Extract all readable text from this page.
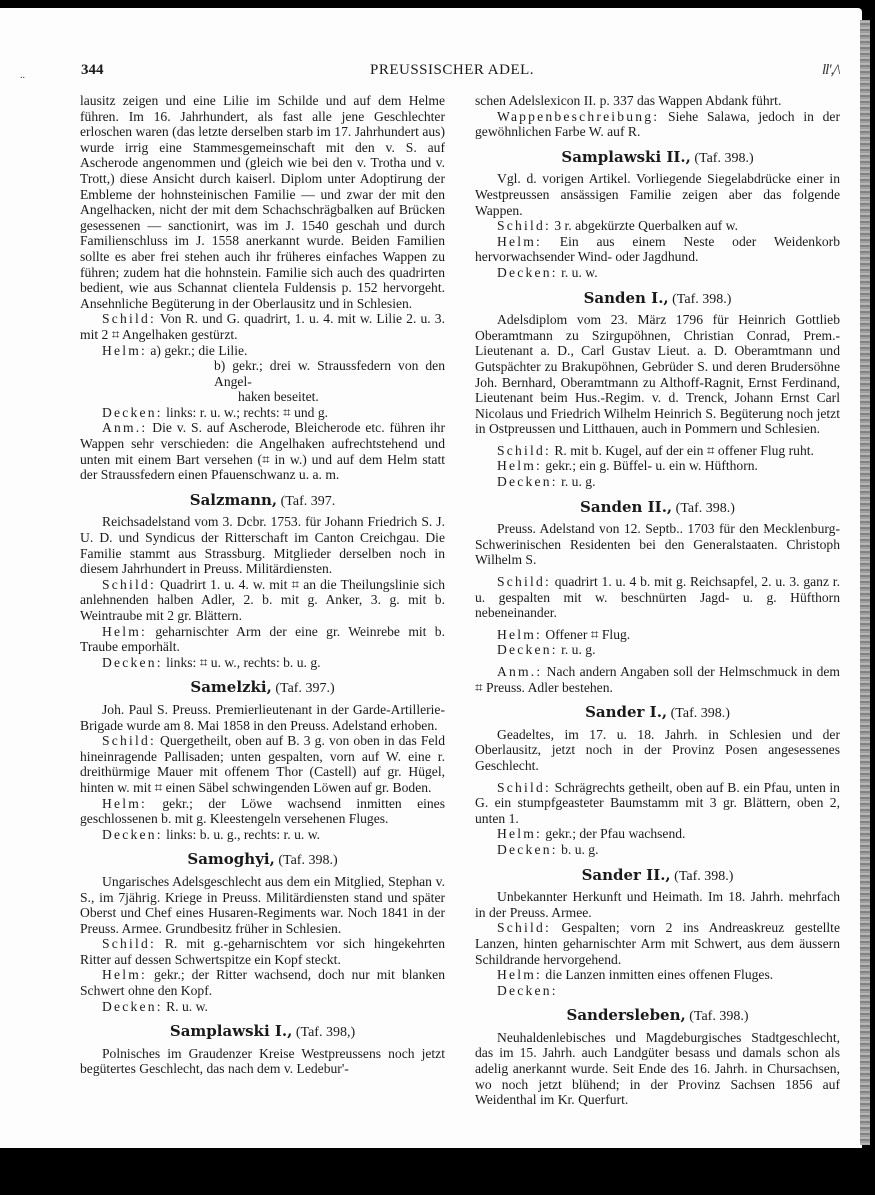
..	ll',/\
344	PREUSSISCHER ADEL.

lausitz zeigen und eine Lilie im Schilde und auf dem Helme führen. Im 16. Jahrhundert, als fast alle jene Geschlechter erloschen waren (das letzte derselben starb im 17. Jahrhundert aus) wurde irrig eine Stammesgemeinschaft mit den v. S. auf Ascherode angenommen und (gleich wie bei den v. Trotha und v. Trott,) diese Ansicht durch kaiserl. Diplom unter Adoptirung der Embleme der hohnsteinischen Familie — und zwar der mit den Angelhacken, nicht der mit dem Schachschrägbalken auf Brücken gesessenen — sanctionirt, was im J. 1540 geschah und durch Familienschluss im J. 1558 anerkannt wurde. Beiden Familien sollte es aber frei stehen auch ihr früheres einfaches Wappen zu führen; zudem hat die hohnstein. Familie sich auch des quadrirten bedient, wie aus Schannat clientela Fuldensis p. 152 hervorgeht. Ansehnliche Begüterung in der Oberlausitz und in Schlesien.

Schild: Von R. und G. quadrirt, 1. u. 4. mit w. Lilie 2. u. 3. mit 2 ⌗ Angelhaken gestürzt.

Helm: a) gekr.; die Lilie.

b) gekr.; drei w. Straussfedern von den Angel-

haken beseitet.

Decken: links: r. u. w.; rechts: ⌗ und g.

Anm.: Die v. S. auf Ascherode, Bleicherode etc. führen ihr Wappen sehr verschieden: die Angelhaken aufrechtstehend und unten mit einem Bart versehen (⌗ in w.) und auf dem Helm statt der Straussfedern einen Pfauenschwanz u. a. m.

Salzmann, (Taf. 397.

Reichsadelstand vom 3. Dcbr. 1753. für Johann Friedrich S. J. U. D. und Syndicus der Ritterschaft im Canton Creichgau. Die Familie stammt aus Strassburg. Mitglieder derselben noch in diesem Jahrhundert in Preuss. Militärdiensten.

Schild: Quadrirt 1. u. 4. w. mit ⌗ an die Theilungslinie sich anlehnenden halben Adler, 2. b. mit g. Anker, 3. g. mit b. Weintraube mit 2 gr. Blättern.

Helm: geharnischter Arm der eine gr. Weinrebe mit b. Traube emporhält.

Decken: links: ⌗ u. w., rechts: b. u. g.

Samelzki, (Taf. 397.)

Joh. Paul S. Preuss. Premierlieutenant in der Garde-Artillerie-Brigade wurde am 8. Mai 1858 in den Preuss. Adelstand erhoben.

Schild: Quergetheilt, oben auf B. 3 g. von oben in das Feld hineinragende Pallisaden; unten gespalten, vorn auf W. eine r. dreithürmige Mauer mit offenem Thor (Castell) auf gr. Hügel, hinten w. mit ⌗ einen Säbel schwingenden Löwen auf gr. Boden.

Helm: gekr.; der Löwe wachsend inmitten eines geschlossenen b. mit g. Kleestengeln versehenen Fluges.

Decken: links: b. u. g., rechts: r. u. w.

Samoghyi, (Taf. 398.)

Ungarisches Adelsgeschlecht aus dem ein Mitglied, Stephan v. S., im 7jährig. Kriege in Preuss. Militärdiensten stand und später Oberst und Chef eines Husaren-Regiments war. Noch 1841 in der Preuss. Armee. Grundbesitz früher in Schlesien.

Schild: R. mit g.-geharnischtem vor sich hingekehrten Ritter auf dessen Schwertspitze ein Kopf steckt.

Helm: gekr.; der Ritter wachsend, doch nur mit blanken Schwert ohne den Kopf.

Decken: R. u. w.

Samplawski I., (Taf. 398,)

Polnisches im Graudenzer Kreise Westpreussens noch jetzt begütertes Geschlecht, das nach dem v. Ledebur'-

schen Adelslexicon II. p. 337 das Wappen Abdank führt.

Wappenbeschreibung: Siehe Salawa, jedoch in der gewöhnlichen Farbe W. auf R.

Samplawski II., (Taf. 398.)

Vgl. d. vorigen Artikel. Vorliegende Siegelabdrücke einer in Westpreussen ansässigen Familie zeigen aber das folgende Wappen.

Schild: 3 r. abgekürzte Querbalken auf w.

Helm: Ein aus einem Neste oder Weidenkorb hervorwachsender Wind- oder Jagdhund.

Decken: r. u. w.

Sanden I., (Taf. 398.)

Adelsdiplom vom 23. März 1796 für Heinrich Gottlieb Oberamtmann zu Szirgupöhnen, Christian Conrad, Prem.-Lieutenant a. D., Carl Gustav Lieut. a. D. Oberamtmann und Gutspächter zu Brakupöhnen, Gebrüder S. und deren Brudersöhne Joh. Bernhard, Oberamtmann zu Althoff-Ragnit, Ernst Ferdinand, Lieutenant beim Hus.-Regim. v. d. Trenck, Johann Ernst Carl Nicolaus und Friedrich Wilhelm Heinrich S. Begüterung noch jetzt in Ostpreussen und Litthauen, auch in Pommern und Schlesien.

Schild: R. mit b. Kugel, auf der ein ⌗ offener Flug ruht.

Helm: gekr.; ein g. Büffel- u. ein w. Hüfthorn.

Decken: r. u. g.

Sanden II., (Taf. 398.)

Preuss. Adelstand von 12. Septb.. 1703 für den Mecklenburg-Schwerinischen Residenten bei den Generalstaaten. Christoph Wilhelm S.

Schild: quadrirt 1. u. 4 b. mit g. Reichsapfel, 2. u. 3. ganz r. u. gespalten mit w. beschnürten Jagd- u. g. Hüfthorn nebeneinander.

Helm: Offener ⌗ Flug.

Decken: r. u. g.

Anm.: Nach andern Angaben soll der Helmschmuck in dem ⌗ Preuss. Adler bestehen.

Sander I., (Taf. 398.)

Geadeltes, im 17. u. 18. Jahrh. in Schlesien und der Oberlausitz, jetzt noch in der Provinz Posen angesessenes Geschlecht.

Schild: Schrägrechts getheilt, oben auf B. ein Pfau, unten in G. ein stumpfgeasteter Baumstamm mit 3 gr. Blättern, oben 2, unten 1.

Helm: gekr.; der Pfau wachsend.

Decken: b. u. g.

Sander II., (Taf. 398.)

Unbekannter Herkunft und Heimath. Im 18. Jahrh. mehrfach in der Preuss. Armee.

Schild: Gespalten; vorn 2 ins Andreaskreuz gestellte Lanzen, hinten geharnischter Arm mit Schwert, aus dem äussern Schildrande hervorgehend.

Helm: die Lanzen inmitten eines offenen Fluges.

Decken:

Sandersleben, (Taf. 398.)

Neuhaldenlebisches und Magdeburgisches Stadtgeschlecht, das im 15. Jahrh. auch Landgüter besass und damals schon als adelig anerkannt wurde. Seit Ende des 16. Jahrh. in Chursachsen, wo noch jetzt blühend; in der Provinz Sachsen 1856 auf Weidenthal im Kr. Querfurt.
